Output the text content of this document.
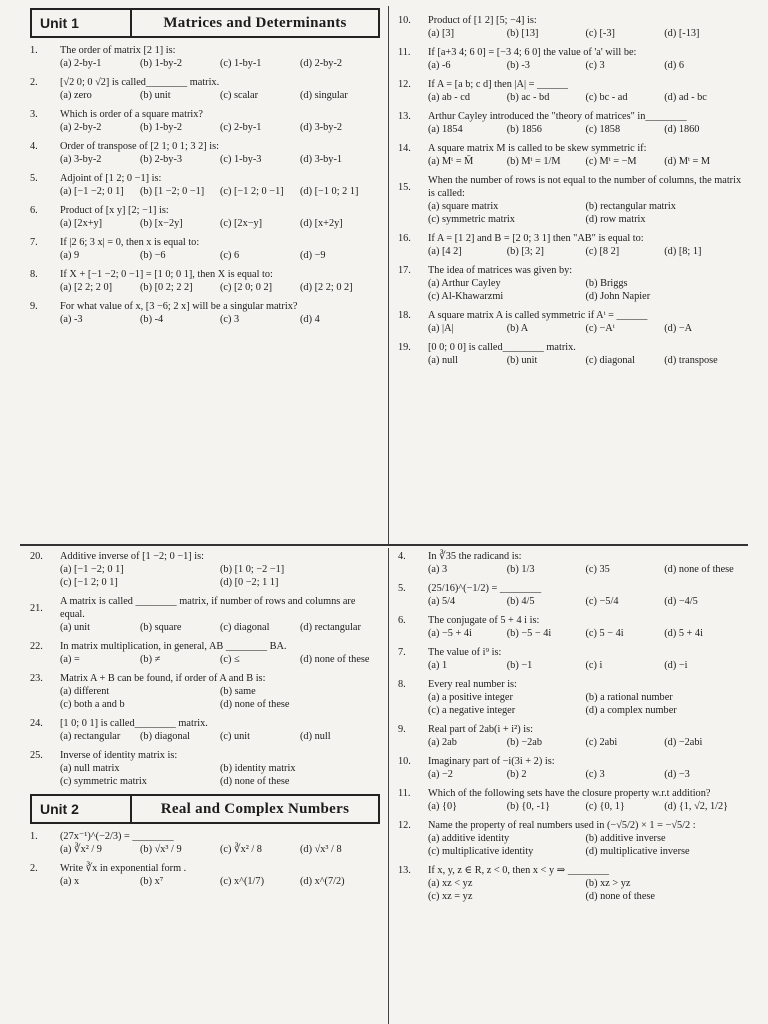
Unit 1	Matrices and Determinants
1.	The order of matrix [2 1] is:
(a) 2-by-1	(b) 1-by-2	(c) 1-by-1	(d) 2-by-2
2.	[√2 0; 0 √2] is called________ matrix.
(a) zero	(b) unit	(c) scalar	(d) singular
3.	Which is order of a square matrix?
(a) 2-by-2	(b) 1-by-2	(c) 2-by-1	(d) 3-by-2
4.	Order of transpose of [2 1; 0 1; 3 2] is:
(a) 3-by-2	(b) 2-by-3	(c) 1-by-3	(d) 3-by-1
5.	Adjoint of [1 2; 0 −1] is:
(a) [−1 −2; 0 1]	(b) [1 −2; 0 −1]	(c) [−1 2; 0 −1]	(d) [−1 0; 2 1]
6.	Product of [x y] [2; −1] is:
(a) [2x+y]	(b) [x−2y]	(c) [2x−y]	(d) [x+2y]
7.	If |2 6; 3 x| = 0, then x is equal to:
(a) 9	(b) −6	(c) 6	(d) −9
8.	If X + [−1 −2; 0 −1] = [1 0; 0 1], then X is equal to:
(a) [2 2; 2 0]	(b) [0 2; 2 2]	(c) [2 0; 0 2]	(d) [2 2; 0 2]
9.	For what value of x, [3 −6; 2 x] will be a singular matrix?
(a) -3	(b) -4	(c) 3	(d) 4
10.	Product of [1 2] [5; −4] is:
(a) [3]	(b) [13]	(c) [-3]	(d) [-13]
11.	If [a+3 4; 6 0] = [−3 4; 6 0] the value of 'a' will be:
(a) -6	(b) -3	(c) 3	(d) 6
12.	If A = [a b; c d] then |A| = ______
(a) ab - cd	(b) ac - bd	(c) bc - ad	(d) ad - bc
13.	Arthur Cayley introduced the "theory of matrices" in________
(a) 1854	(b) 1856	(c) 1858	(d) 1860
14.	A square matrix M is called to be skew symmetric if:
(a) Mᵗ = M̄	(b) Mᵗ = 1/M	(c) Mᵗ = −M	(d) Mᵗ = M
15.
When the number of rows is not equal to the number of columns, the matrix is called:
(a) square matrix	(b) rectangular matrix
(c) symmetric matrix	(d) row matrix
16.	If A = [1 2] and B = [2 0; 3 1] then "AB" is equal to:
(a) [4 2]	(b) [3; 2]	(c) [8 2]	(d) [8; 1]
17.	The idea of matrices was given by:
(a) Arthur Cayley	(b) Briggs
(c) Al-Khawarzmi	(d) John Napier
18.	A square matrix A is called symmetric if Aᵗ = ______
(a) |A|	(b) A	(c) −Aᵗ	(d) −A
19.	[0 0; 0 0] is called________ matrix.
(a) null	(b) unit	(c) diagonal	(d) transpose
20.	Additive inverse of [1 −2; 0 −1] is:
(a) [−1 −2; 0 1]	(b) [1 0; −2 −1]
(c) [−1 2; 0 1]	(d) [0 −2; 1 1]
21.
A matrix is called ________ matrix, if number of rows and columns are equal.
(a) unit	(b) square	(c) diagonal	(d) rectangular
22.	In matrix multiplication, in general, AB ________ BA.
(a) =	(b) ≠	(c) ≤	(d) none of these
23.	Matrix A + B can be found, if order of A and B is:
(a) different	(b) same
(c) both a and b	(d) none of these
24.	[1 0; 0 1] is called________ matrix.
(a) rectangular	(b) diagonal	(c) unit	(d) null
25.	Inverse of identity matrix is:
(a) null matrix	(b) identity matrix
(c) symmetric matrix	(d) none of these
Unit 2	Real and Complex Numbers
1.	(27x⁻¹)^(−2/3) = ________
(a) ∛x² / 9	(b) √x³ / 9	(c) ∛x² / 8	(d) √x³ / 8
2.	Write ∛x in exponential form .
(a) x	(b) x⁷	(c) x^(1/7)	(d) x^(7/2)
4.	In ∛35 the radicand is:
(a) 3	(b) 1/3	(c) 35	(d) none of these
5.	(25/16)^(−1/2) = ________
(a) 5/4	(b) 4/5	(c) −5/4	(d) −4/5
6.	The conjugate of 5 + 4 i is:
(a) −5 + 4i	(b) −5 − 4i	(c) 5 − 4i	(d) 5 + 4i
7.	The value of i⁹ is:
(a) 1	(b) −1	(c) i	(d) −i
8.	Every real number is:
(a) a positive integer	(b) a rational number
(c) a negative integer	(d) a complex number
9.	Real part of 2ab(i + i²) is:
(a) 2ab	(b) −2ab	(c) 2abi	(d) −2abi
10.	Imaginary part of −i(3i + 2) is:
(a) −2	(b) 2	(c) 3	(d) −3
11.	Which of the following sets have the closure property w.r.t addition?
(a) {0}	(b) {0, -1}	(c) {0, 1}	(d) {1, √2, 1/2}
12.	Name the property of real numbers used in (−√5/2) × 1 = −√5/2 :
(a) additive identity	(b) additive inverse
(c) multiplicative identity	(d) multiplicative inverse
13.	If x, y, z ∈ R, z < 0, then x < y ⇒ ________
(a) xz < yz	(b) xz > yz
(c) xz = yz	(d) none of these
